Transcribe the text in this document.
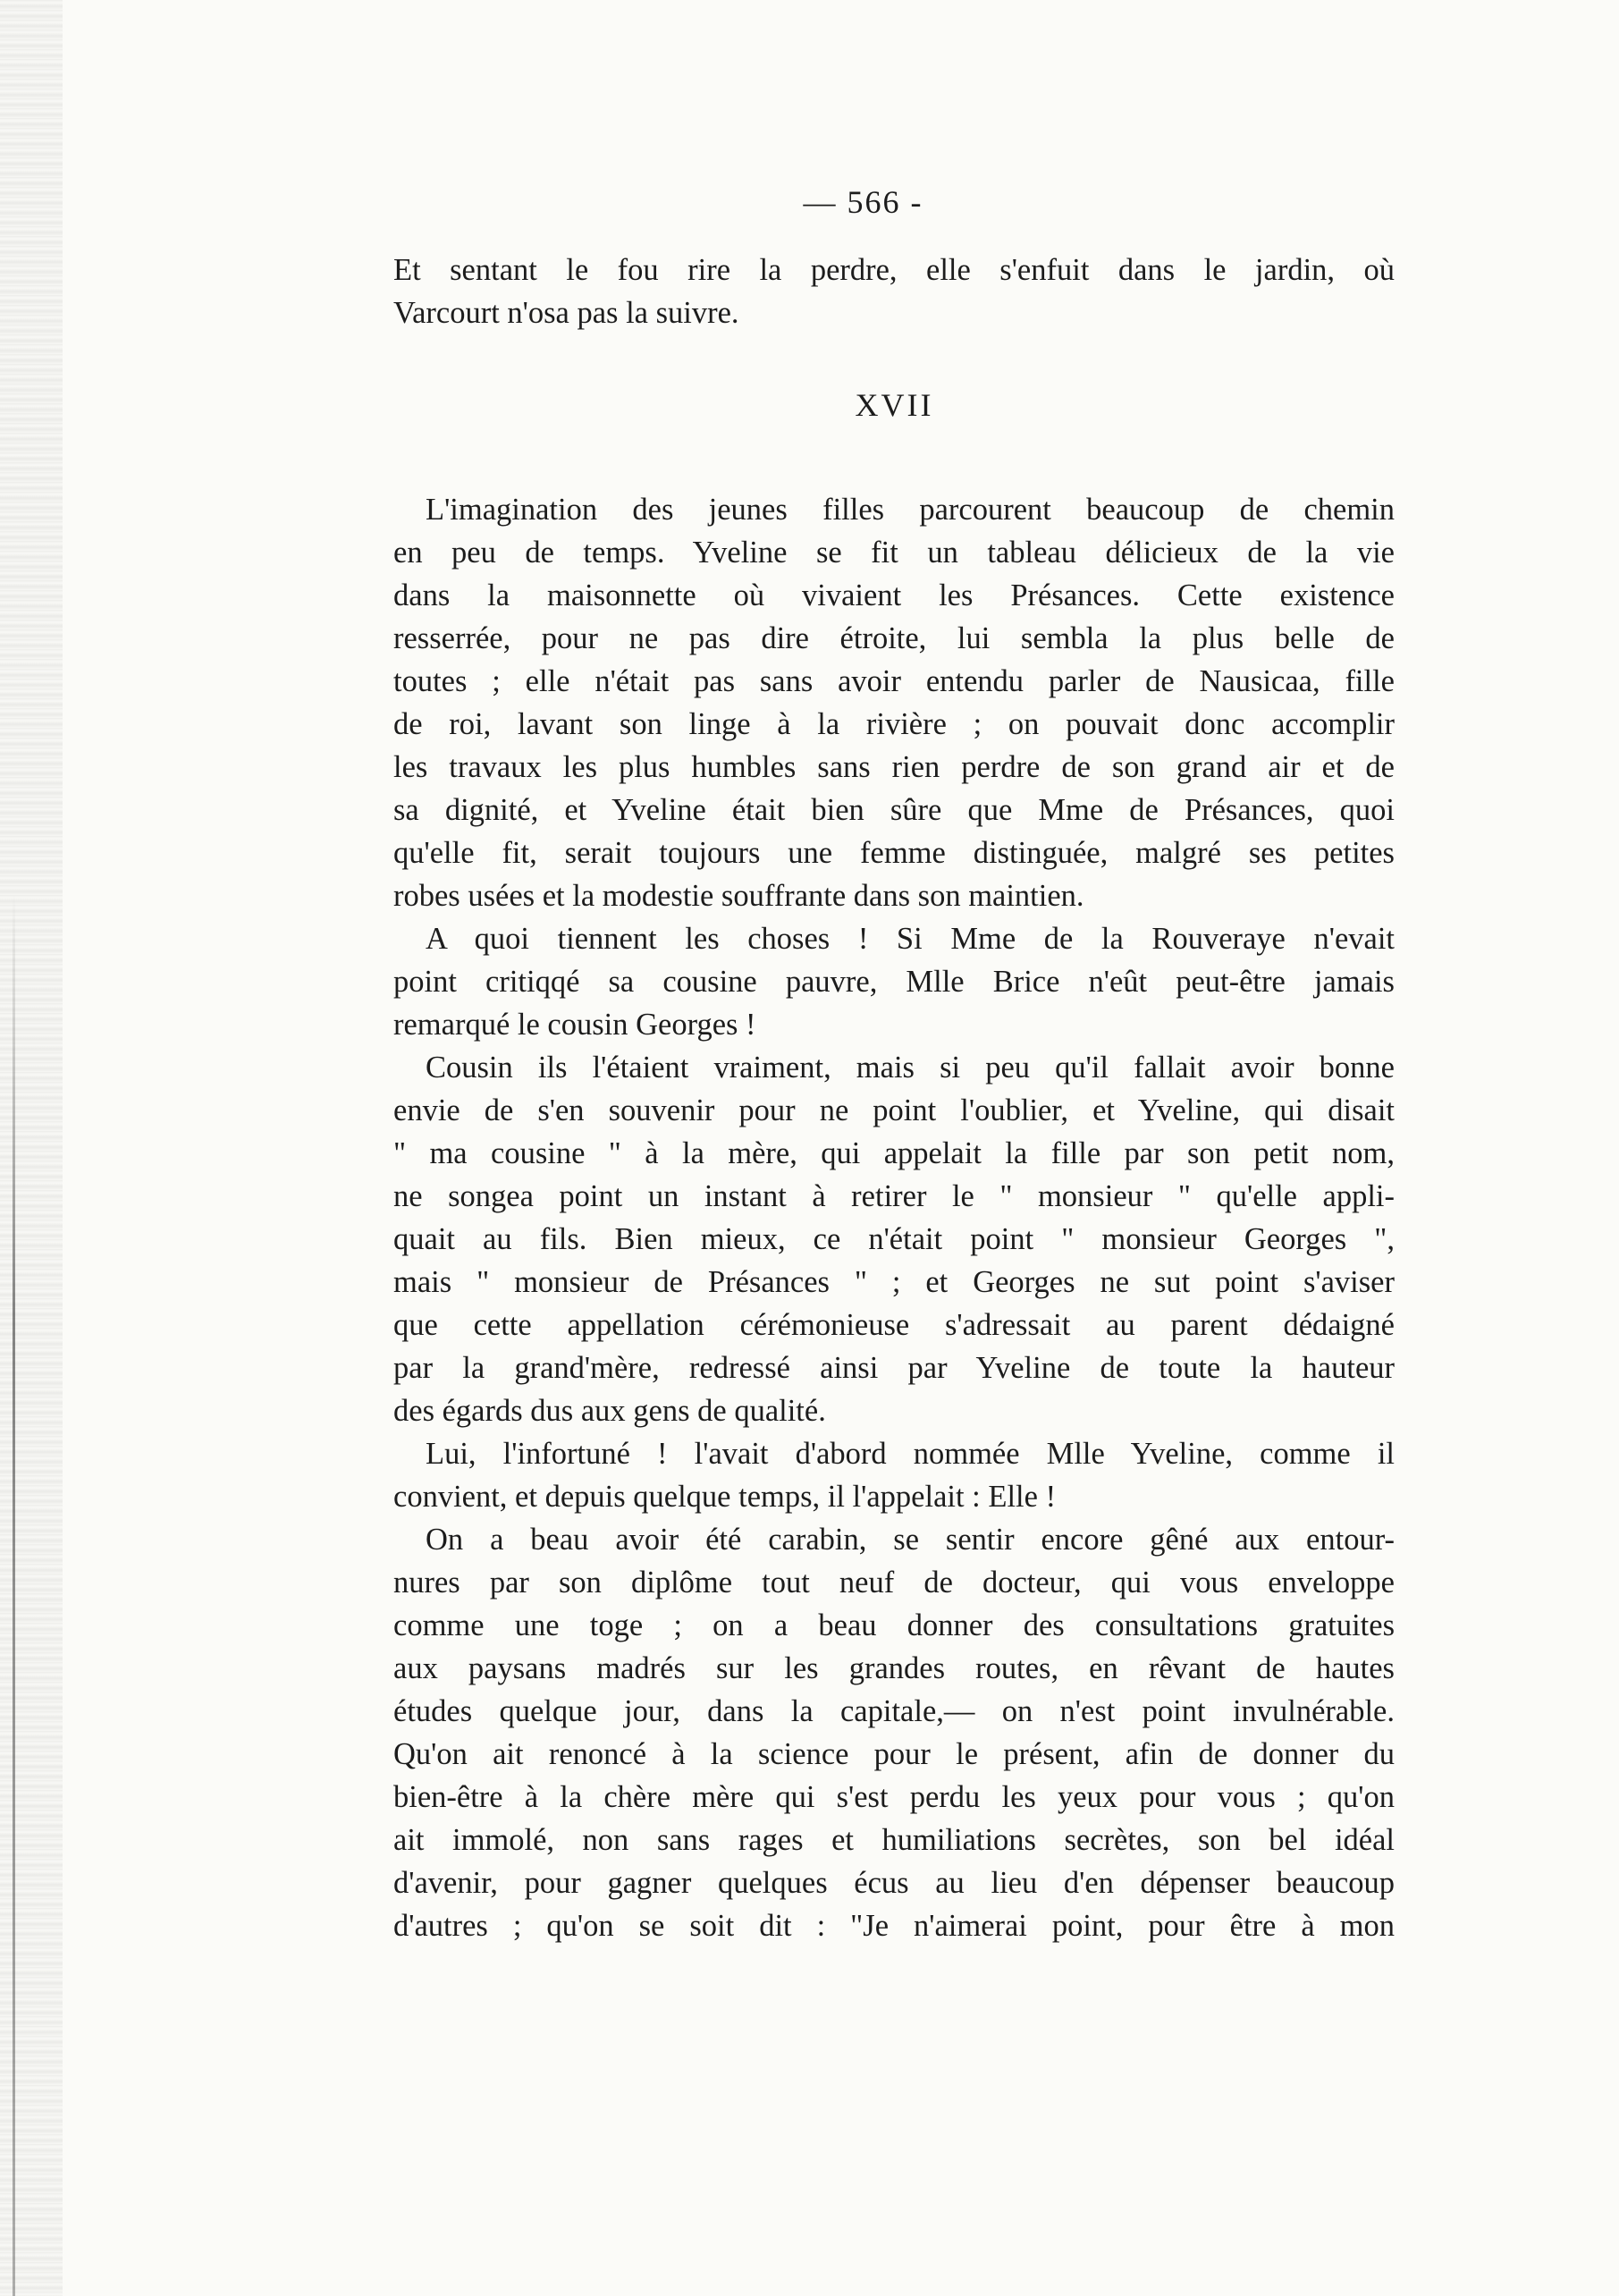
— 566 -
Et sentant le fou rire la perdre, elle s'enfuit dans le jardin, où
Varcourt n'osa pas la suivre.
XVII
L'imagination des jeunes filles parcourent beaucoup de chemin
en peu de temps. Yveline se fit un tableau délicieux de la vie
dans la maisonnette où vivaient les Présances. Cette existence
resserrée, pour ne pas dire étroite, lui sembla la plus belle de
toutes ; elle n'était pas sans avoir entendu parler de Nausicaa, fille
de roi, lavant son linge à la rivière ; on pouvait donc accomplir
les travaux les plus humbles sans rien perdre de son grand air et de
sa dignité, et Yveline était bien sûre que Mme de Présances, quoi
qu'elle fit, serait toujours une femme distinguée, malgré ses petites
robes usées et la modestie souffrante dans son maintien.
A quoi tiennent les choses ! Si Mme de la Rouveraye n'evait
point critiqqé sa cousine pauvre, Mlle Brice n'eût peut-être jamais
remarqué le cousin Georges !
Cousin ils l'étaient vraiment, mais si peu qu'il fallait avoir bonne
envie de s'en souvenir pour ne point l'oublier, et Yveline, qui disait
" ma cousine " à la mère, qui appelait la fille par son petit nom,
ne songea point un instant à retirer le " monsieur " qu'elle appli-
quait au fils. Bien mieux, ce n'était point " monsieur Georges ",
mais " monsieur de Présances " ; et Georges ne sut point s'aviser
que cette appellation cérémonieuse s'adressait au parent dédaigné
par la grand'mère, redressé ainsi par Yveline de toute la hauteur
des égards dus aux gens de qualité.
Lui, l'infortuné ! l'avait d'abord nommée Mlle Yveline, comme il
convient, et depuis quelque temps, il l'appelait : Elle !
On a beau avoir été carabin, se sentir encore gêné aux entour-
nures par son diplôme tout neuf de docteur, qui vous enveloppe
comme une toge ; on a beau donner des consultations gratuites
aux paysans madrés sur les grandes routes, en rêvant de hautes
études quelque jour, dans la capitale,— on n'est point invulnérable.
Qu'on ait renoncé à la science pour le présent, afin de donner du
bien-être à la chère mère qui s'est perdu les yeux pour vous ; qu'on
ait immolé, non sans rages et humiliations secrètes, son bel idéal
d'avenir, pour gagner quelques écus au lieu d'en dépenser beaucoup
d'autres ; qu'on se soit dit : "Je n'aimerai point, pour être à mon
